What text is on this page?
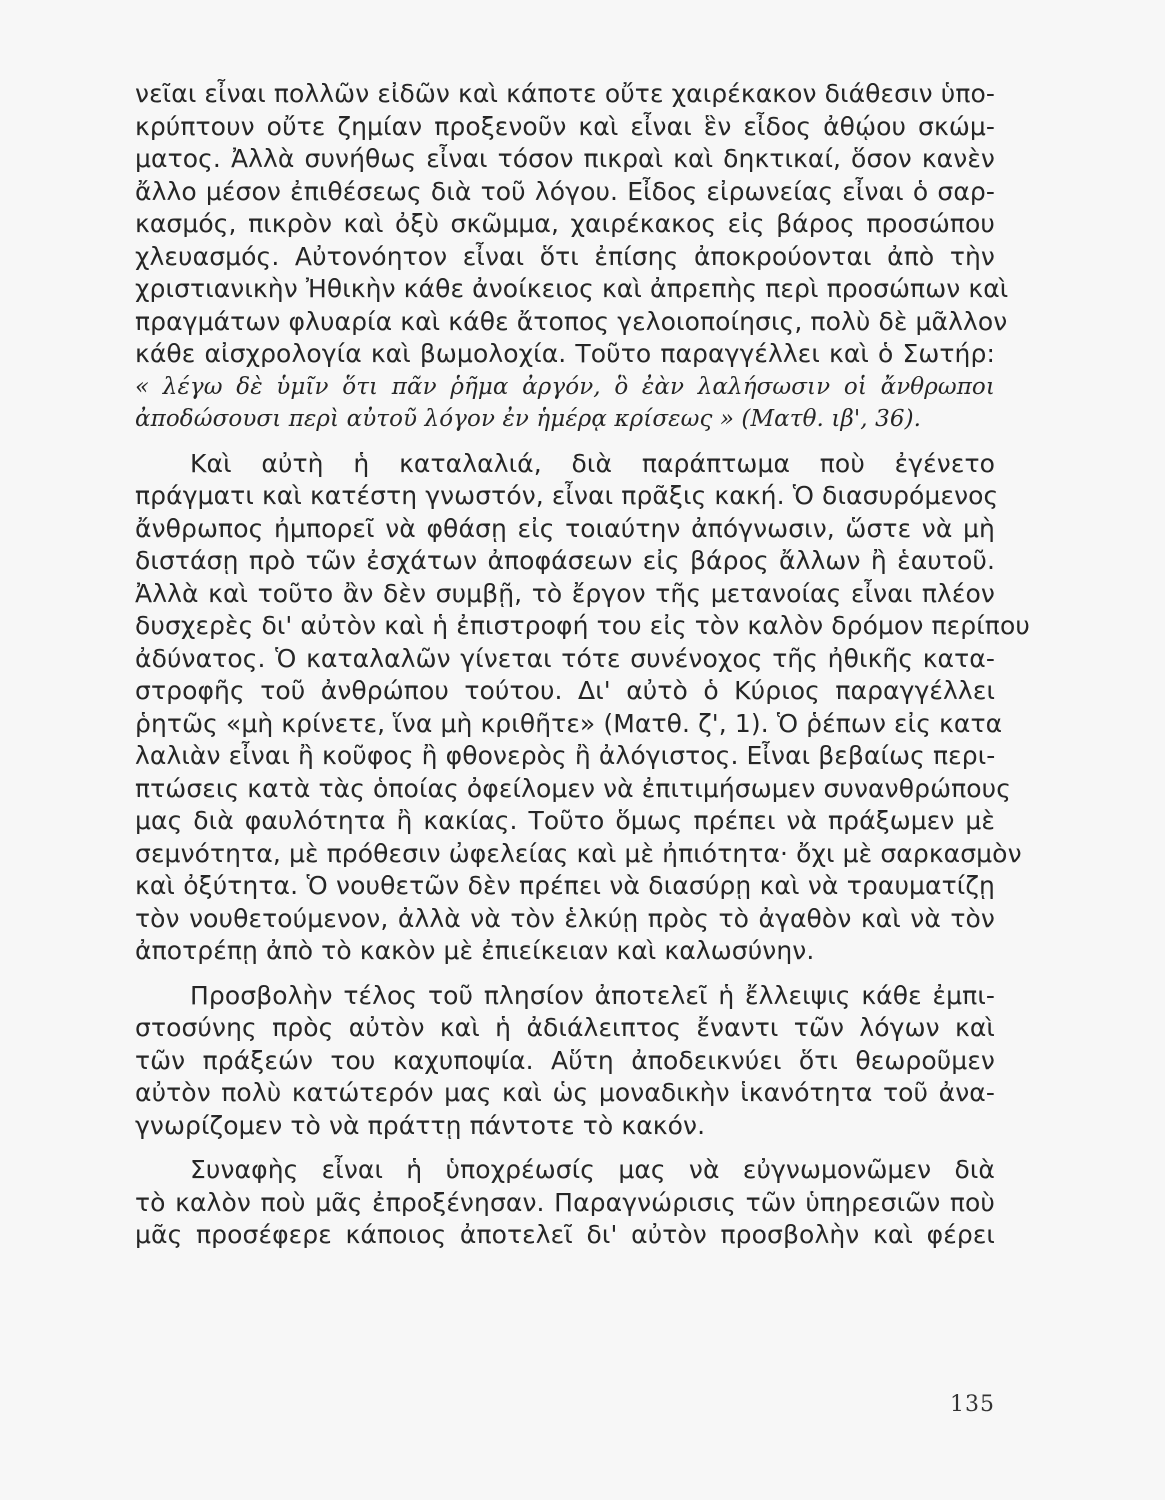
νεῖαι εἶναι πολλῶν εἰδῶν καὶ κάποτε οὔτε χαιρέκακον διάθεσιν ὑπο-
κρύπτουν οὔτε ζημίαν προξενοῦν καὶ εἶναι ἓν εἶδος ἀθῴου σκώμ-
ματος. Ἀλλὰ συνήθως εἶναι τόσον πικραὶ καὶ δηκτικαί, ὅσον κανὲν
ἄλλο μέσον ἐπιθέσεως διὰ τοῦ λόγου. Εἶδος εἰρωνείας εἶναι ὁ σαρ-
κασμός, πικρὸν καὶ ὀξὺ σκῶμμα, χαιρέκακος εἰς βάρος προσώπου
χλευασμός. Αὐτονόητον εἶναι ὅτι ἐπίσης ἀποκρούονται ἀπὸ τὴν
χριστιανικὴν Ἠθικὴν κάθε ἀνοίκειος καὶ ἀπρεπὴς περὶ προσώπων καὶ
πραγμάτων φλυαρία καὶ κάθε ἄτοπος γελοιοποίησις, πολὺ δὲ μᾶλλον
κάθε αἰσχρολογία καὶ βωμολοχία. Τοῦτο παραγγέλλει καὶ ὁ Σωτήρ:
« λέγω δὲ ὑμῖν ὅτι πᾶν ῥῆμα ἀργόν, ὃ ἐὰν λαλήσωσιν οἱ ἄνθρωποι
ἀποδώσουσι περὶ αὐτοῦ λόγον ἐν ἡμέρᾳ κρίσεως » (Ματθ. ιβ', 36).
Καὶ αὐτὴ ἡ καταλαλιά, διὰ παράπτωμα ποὺ ἐγένετο
πράγματι καὶ κατέστη γνωστόν, εἶναι πρᾶξις κακή. Ὁ διασυρόμενος
ἄνθρωπος ἠμπορεῖ νὰ φθάσῃ εἰς τοιαύτην ἀπόγνωσιν, ὥστε νὰ μὴ
διστάσῃ πρὸ τῶν ἐσχάτων ἀποφάσεων εἰς βάρος ἄλλων ἢ ἑαυτοῦ.
Ἀλλὰ καὶ τοῦτο ἂν δὲν συμβῇ, τὸ ἔργον τῆς μετανοίας εἶναι πλέον
δυσχερὲς δι' αὐτὸν καὶ ἡ ἐπιστροφή του εἰς τὸν καλὸν δρόμον περίπου
ἀδύνατος. Ὁ καταλαλῶν γίνεται τότε συνένοχος τῆς ἠθικῆς κατα-
στροφῆς τοῦ ἀνθρώπου τούτου. Δι' αὐτὸ ὁ Κύριος παραγγέλλει
ῥητῶς «μὴ κρίνετε, ἵνα μὴ κριθῆτε» (Ματθ. ζ', 1). Ὁ ῥέπων εἰς κατα
λαλιὰν εἶναι ἢ κοῦφος ἢ φθονερὸς ἢ ἀλόγιστος. Εἶναι βεβαίως περι-
πτώσεις κατὰ τὰς ὁποίας ὀφείλομεν νὰ ἐπιτιμήσωμεν συνανθρώπους
μας διὰ φαυλότητα ἢ κακίας. Τοῦτο ὅμως πρέπει νὰ πράξωμεν μὲ
σεμνότητα, μὲ πρόθεσιν ὠφελείας καὶ μὲ ἠπιότητα· ὄχι μὲ σαρκασμὸν
καὶ ὀξύτητα. Ὁ νουθετῶν δὲν πρέπει νὰ διασύρῃ καὶ νὰ τραυματίζῃ
τὸν νουθετούμενον, ἀλλὰ νὰ τὸν ἑλκύῃ πρὸς τὸ ἀγαθὸν καὶ νὰ τὸν
ἀποτρέπῃ ἀπὸ τὸ κακὸν μὲ ἐπιείκειαν καὶ καλωσύνην.
Προσβολὴν τέλος τοῦ πλησίον ἀποτελεῖ ἡ ἔλλειψις κάθε ἐμπι-
στοσύνης πρὸς αὐτὸν καὶ ἡ ἀδιάλειπτος ἔναντι τῶν λόγων καὶ
τῶν πράξεών του καχυποψία. Αὕτη ἀποδεικνύει ὅτι θεωροῦμεν
αὐτὸν πολὺ κατώτερόν μας καὶ ὡς μοναδικὴν ἱκανότητα τοῦ ἀνα-
γνωρίζομεν τὸ νὰ πράττῃ πάντοτε τὸ κακόν.
Συναφὴς εἶναι ἡ ὑποχρέωσίς μας νὰ εὐγνωμονῶμεν διὰ
τὸ καλὸν ποὺ μᾶς ἐπροξένησαν. Παραγνώρισις τῶν ὑπηρεσιῶν ποὺ
μᾶς προσέφερε κάποιος ἀποτελεῖ δι' αὐτὸν προσβολὴν καὶ φέρει
135
